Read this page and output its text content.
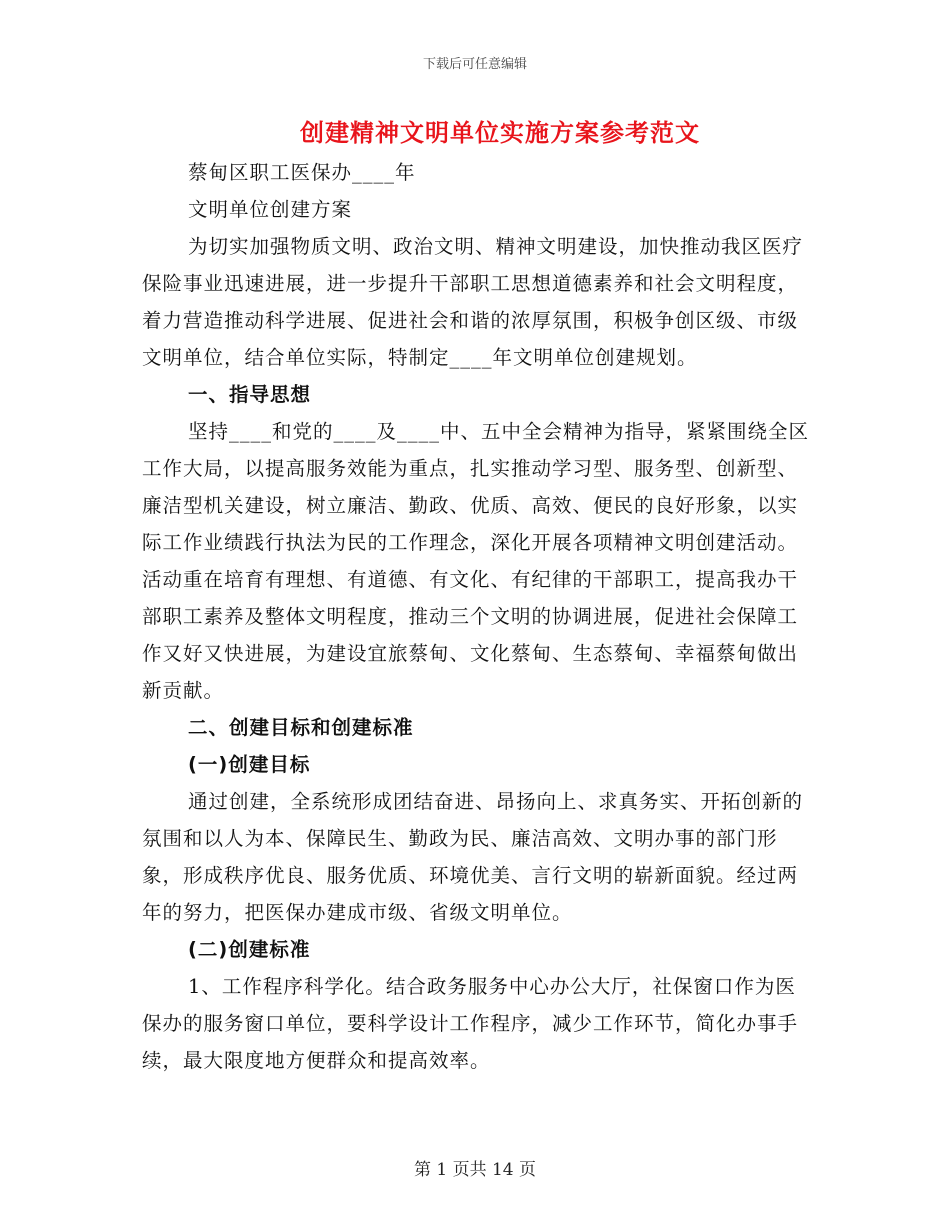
下载后可任意编辑
创建精神文明单位实施方案参考范文

蔡甸区职工医保办____年

文明单位创建方案

为切实加强物质文明、政治文明、精神文明建设，加快推动我区医疗保险事业迅速进展，进一步提升干部职工思想道德素养和社会文明程度，着力营造推动科学进展、促进社会和谐的浓厚氛围，积极争创区级、市级文明单位，结合单位实际，特制定____年文明单位创建规划。

一、指导思想

坚持____和党的____及____中、五中全会精神为指导，紧紧围绕全区工作大局，以提高服务效能为重点，扎实推动学习型、服务型、创新型、廉洁型机关建设，树立廉洁、勤政、优质、高效、便民的良好形象，以实际工作业绩践行执法为民的工作理念，深化开展各项精神文明创建活动。活动重在培育有理想、有道德、有文化、有纪律的干部职工，提高我办干部职工素养及整体文明程度，推动三个文明的协调进展，促进社会保障工作又好又快进展，为建设宜旅蔡甸、文化蔡甸、生态蔡甸、幸福蔡甸做出新贡献。

二、创建目标和创建标准

(一)创建目标

通过创建，全系统形成团结奋进、昂扬向上、求真务实、开拓创新的氛围和以人为本、保障民生、勤政为民、廉洁高效、文明办事的部门形象，形成秩序优良、服务优质、环境优美、言行文明的崭新面貌。经过两年的努力，把医保办建成市级、省级文明单位。

(二)创建标准

1、工作程序科学化。结合政务服务中心办公大厅，社保窗口作为医保办的服务窗口单位，要科学设计工作程序，减少工作环节，简化办事手续，最大限度地方便群众和提高效率。

第 1 页共 14 页
